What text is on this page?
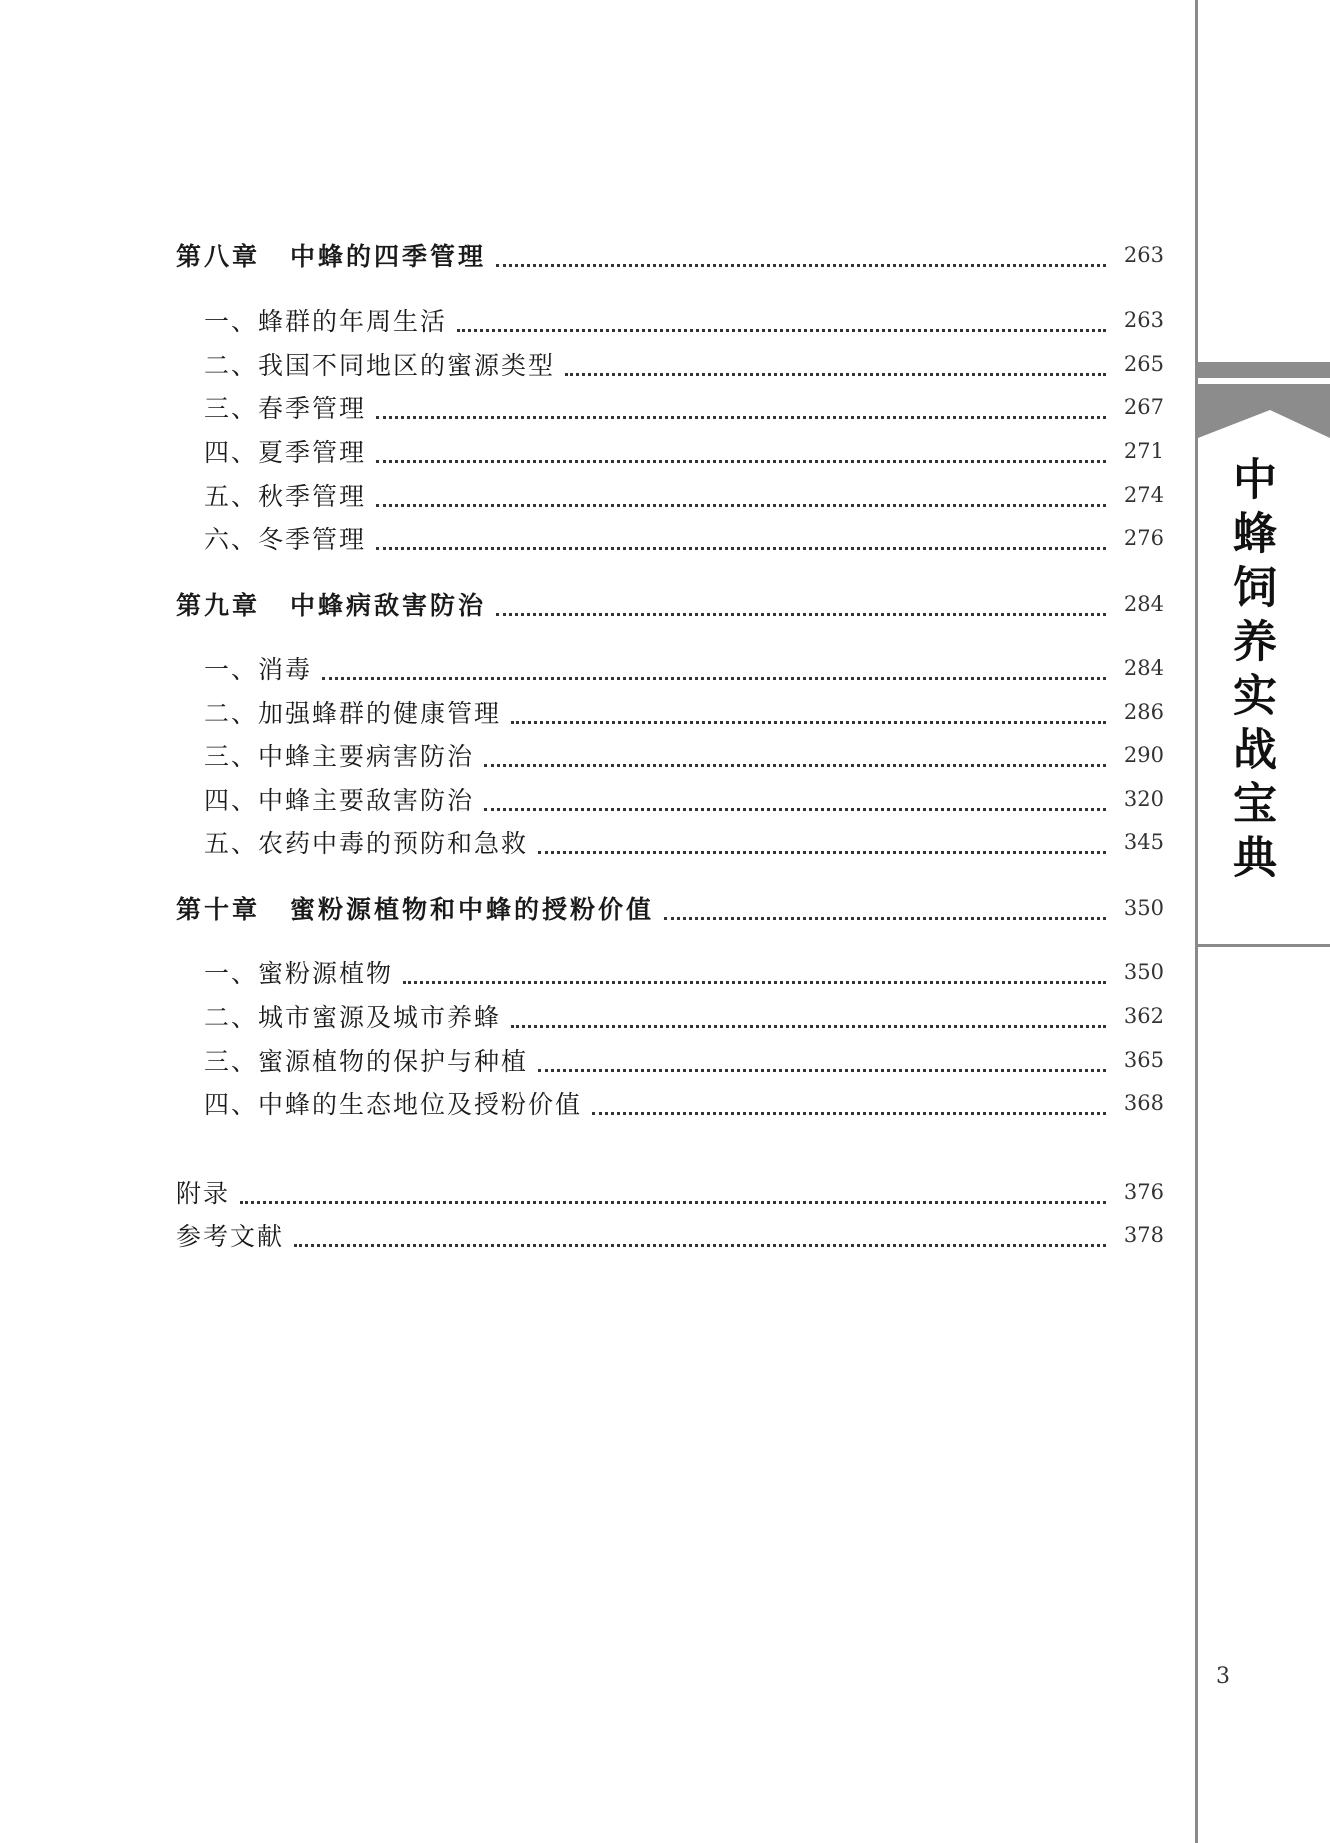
第八章 中蜂的四季管理	263
一、蜂群的年周生活	263
二、我国不同地区的蜜源类型	265
三、春季管理	267
四、夏季管理	271
五、秋季管理	274
六、冬季管理	276
第九章 中蜂病敌害防治	284
一、消毒	284
二、加强蜂群的健康管理	286
三、中蜂主要病害防治	290
四、中蜂主要敌害防治	320
五、农药中毒的预防和急救	345
第十章 蜜粉源植物和中蜂的授粉价值	350
一、蜜粉源植物	350
二、城市蜜源及城市养蜂	362
三、蜜源植物的保护与种植	365
四、中蜂的生态地位及授粉价值	368
附录	376
参考文献	378
中蜂饲养实战宝典
3
